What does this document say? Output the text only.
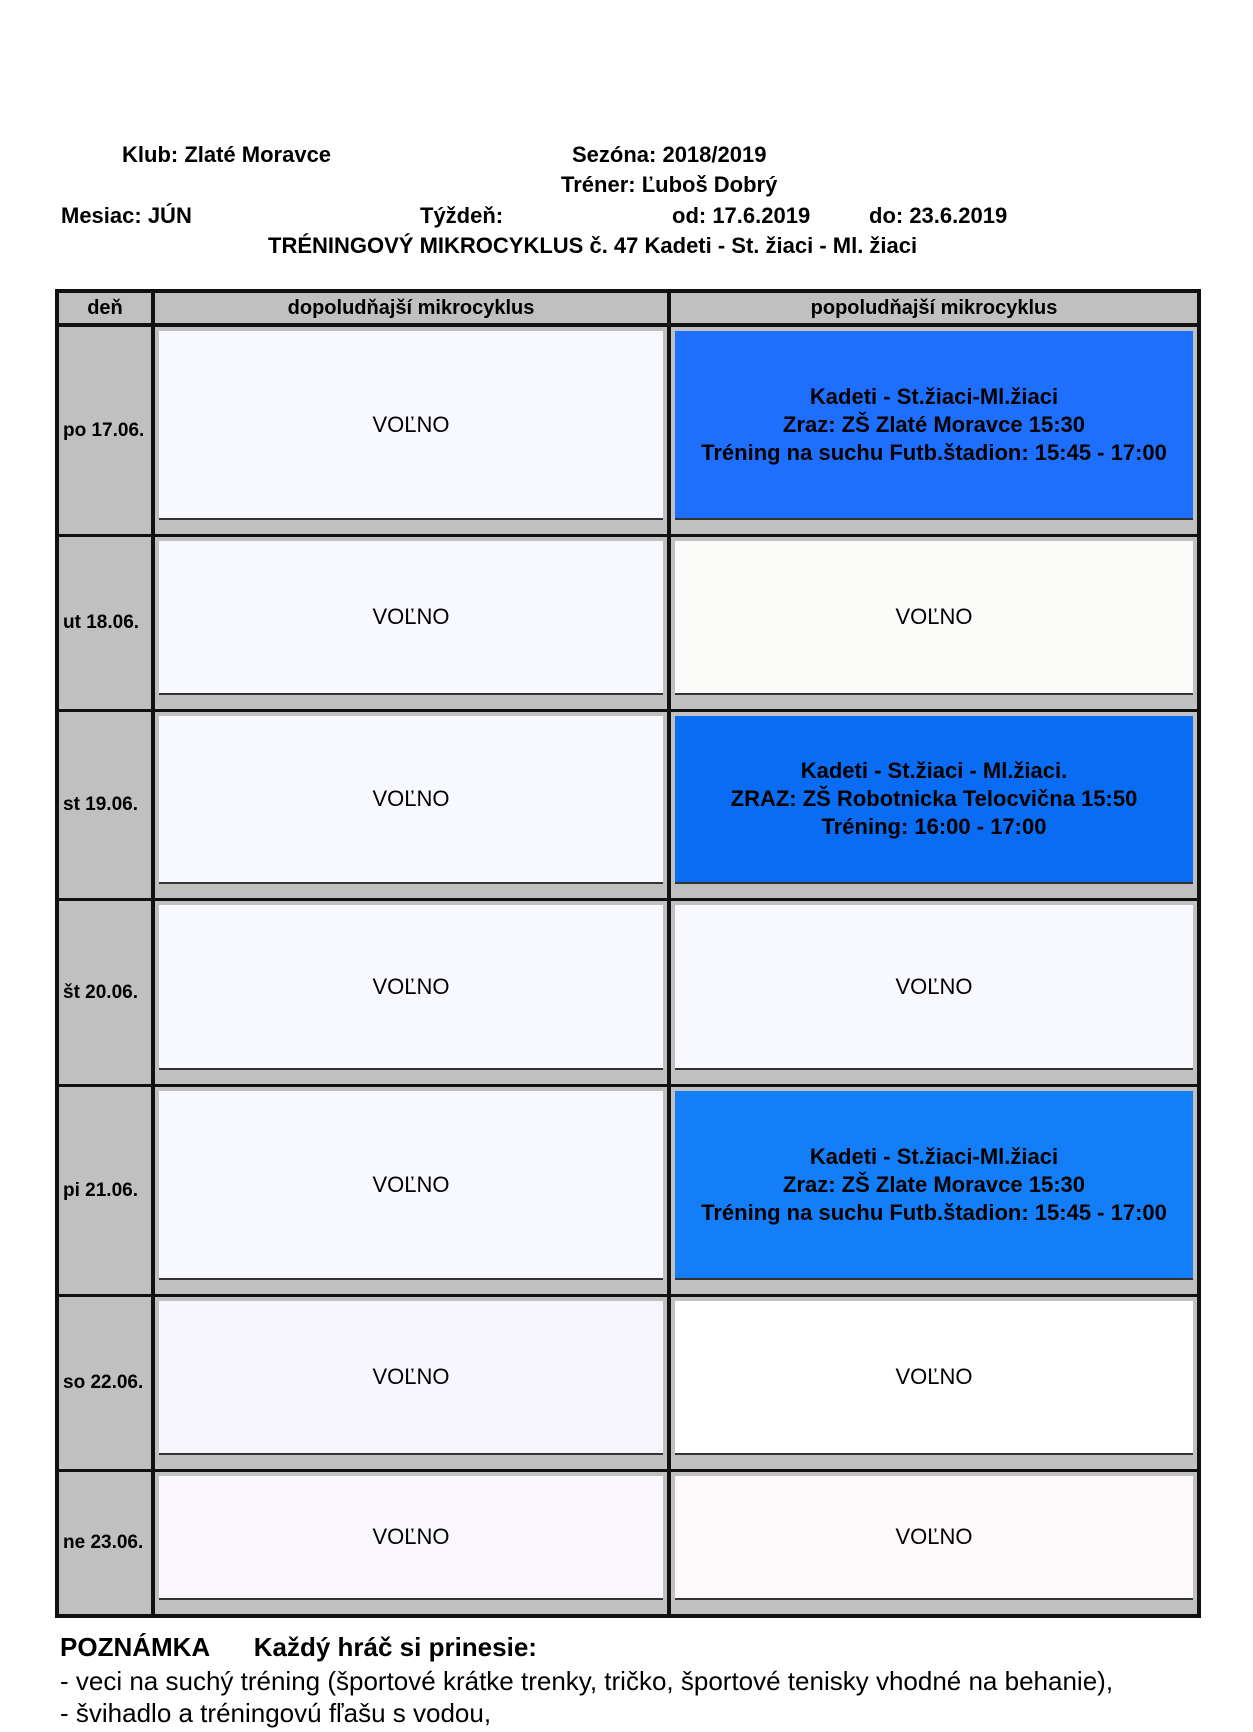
Klub: Zlaté Moravce	Sezóna: 2018/2019
Tréner: Ľuboš Dobrý
Mesiac: JÚN	Týždeň:	od: 17.6.2019	do: 23.6.2019
TRÉNINGOVÝ MIKROCYKLUS č. 47 Kadeti - St. žiaci - Ml. žiaci
deň	dopoludňajší mikrocyklus	popoludňajší mikrocyklus
po 17.06.	VOĽNO	Kadeti - St.žiaci-Ml.žiaci
Zraz: ZŠ Zlaté Moravce 15:30
Tréning na suchu Futb.štadion: 15:45 - 17:00

ut 18.06.	VOĽNO	VOĽNO

st 19.06.	VOĽNO	Kadeti - St.žiaci - Ml.žiaci.
ZRAZ: ZŠ Robotnicka Telocvična 15:50
Tréning: 16:00 - 17:00

št 20.06.	VOĽNO	VOĽNO

pi 21.06.	VOĽNO	Kadeti - St.žiaci-Ml.žiaci
Zraz: ZŠ Zlate Moravce 15:30
Tréning na suchu Futb.štadion: 15:45 - 17:00

so 22.06.	VOĽNO	VOĽNO

ne 23.06.	VOĽNO	VOĽNO
POZNÁMKA Každý hráč si prinesie:
- veci na suchý tréning (športové krátke trenky, tričko, športové tenisky vhodné na behanie),
- švihadlo a tréningovú fľašu s vodou,
